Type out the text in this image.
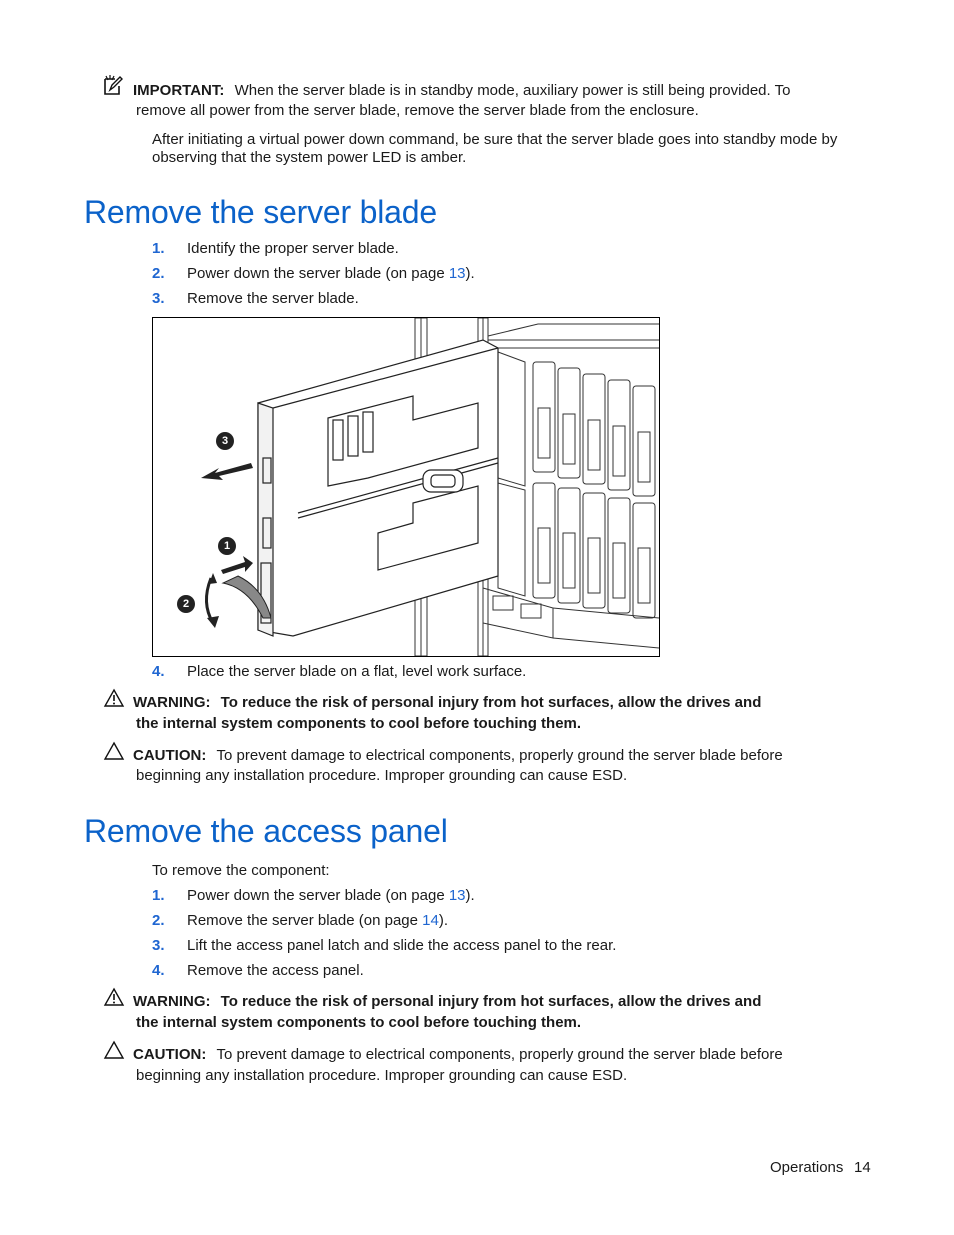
IMPORTANT: When the server blade is in standby mode, auxiliary power is still being provided. To
remove all power from the server blade, remove the server blade from the enclosure.
After initiating a virtual power down command, be sure that the server blade goes into standby mode by
observing that the system power LED is amber.
Remove the server blade
1.	Identify the proper server blade.
2.	Power down the server blade (on page 13).
3.	Remove the server blade.
3
1
2
4.	Place the server blade on a flat, level work surface.
WARNING: To reduce the risk of personal injury from hot surfaces, allow the drives and
the internal system components to cool before touching them.
CAUTION: To prevent damage to electrical components, properly ground the server blade before
beginning any installation procedure. Improper grounding can cause ESD.
Remove the access panel
To remove the component:
1.	Power down the server blade (on page 13).
2.	Remove the server blade (on page 14).
3.	Lift the access panel latch and slide the access panel to the rear.
4.	Remove the access panel.
WARNING: To reduce the risk of personal injury from hot surfaces, allow the drives and
the internal system components to cool before touching them.
CAUTION: To prevent damage to electrical components, properly ground the server blade before
beginning any installation procedure. Improper grounding can cause ESD.
Operations 14
